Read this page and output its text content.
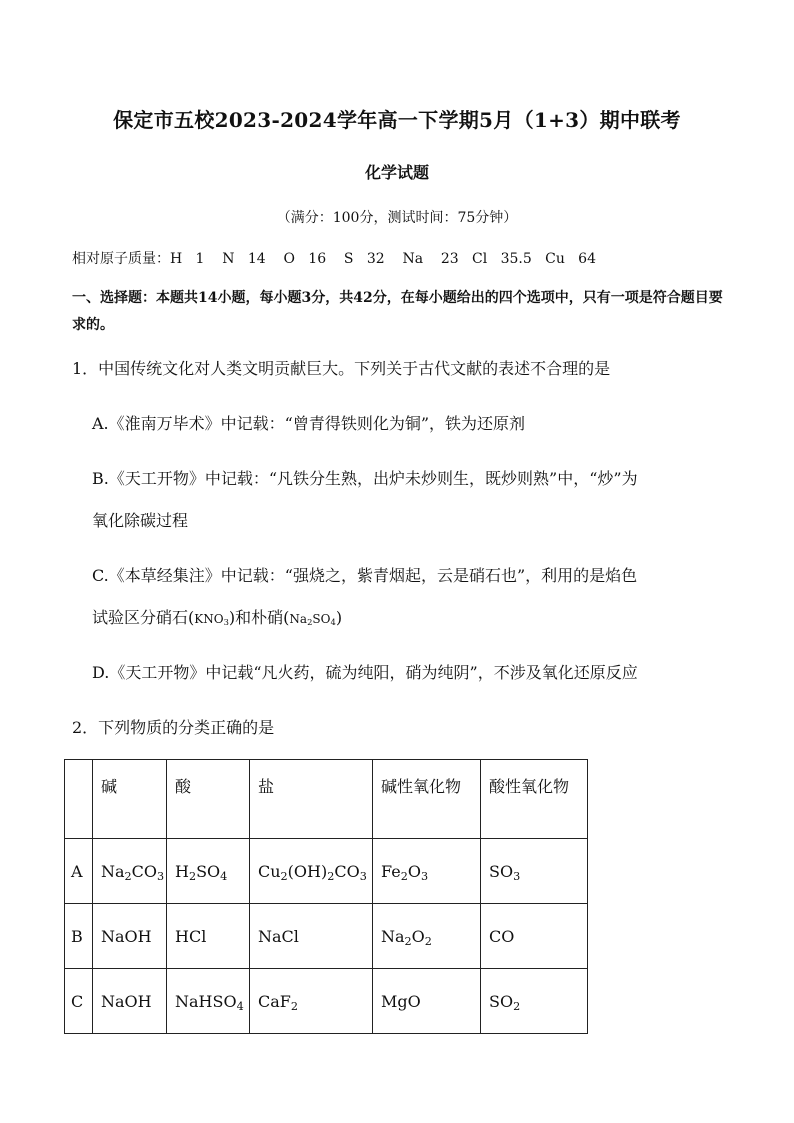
保定市五校2023-2024学年高一下学期5月（1+3）期中联考
化学试题
（满分：100分，测试时间：75分钟）
相对原子质量：H   1    N   14    O   16    S   32    Na    23   Cl   35.5   Cu   64
一、选择题：本题共14小题，每小题3分，共42分，在每小题给出的四个选项中，只有一项是符合题目要求的。
1．中国传统文化对人类文明贡献巨大。下列关于古代文献的表述不合理的是
A.《淮南万毕术》中记载：“曾青得铁则化为铜”，铁为还原剂
B.《天工开物》中记载：“凡铁分生熟，出炉未炒则生，既炒则熟”中，“炒”为
氧化除碳过程
C.《本草经集注》中记载：“强烧之，紫青烟起，云是硝石也”，利用的是焰色
试验区分硝石$(KNO_3)$和朴硝$(Na_2SO_4)$
D.《天工开物》中记载“凡火药，硫为纯阳，硝为纯阴”，不涉及氧化还原反应
2．下列物质的分类正确的是
	碱	酸	盐	碱性氧化物	酸性氧化物
A	$Na_2CO_3$	$H_2SO_4$	$Cu_2(OH)_2CO_3$	$Fe_2O_3$	$SO_3$
B	NaOH	HCl	NaCl	$Na_2O_2$	CO
C	NaOH	NaHSO$_4$	CaF$_2$	MgO	$SO_2$
